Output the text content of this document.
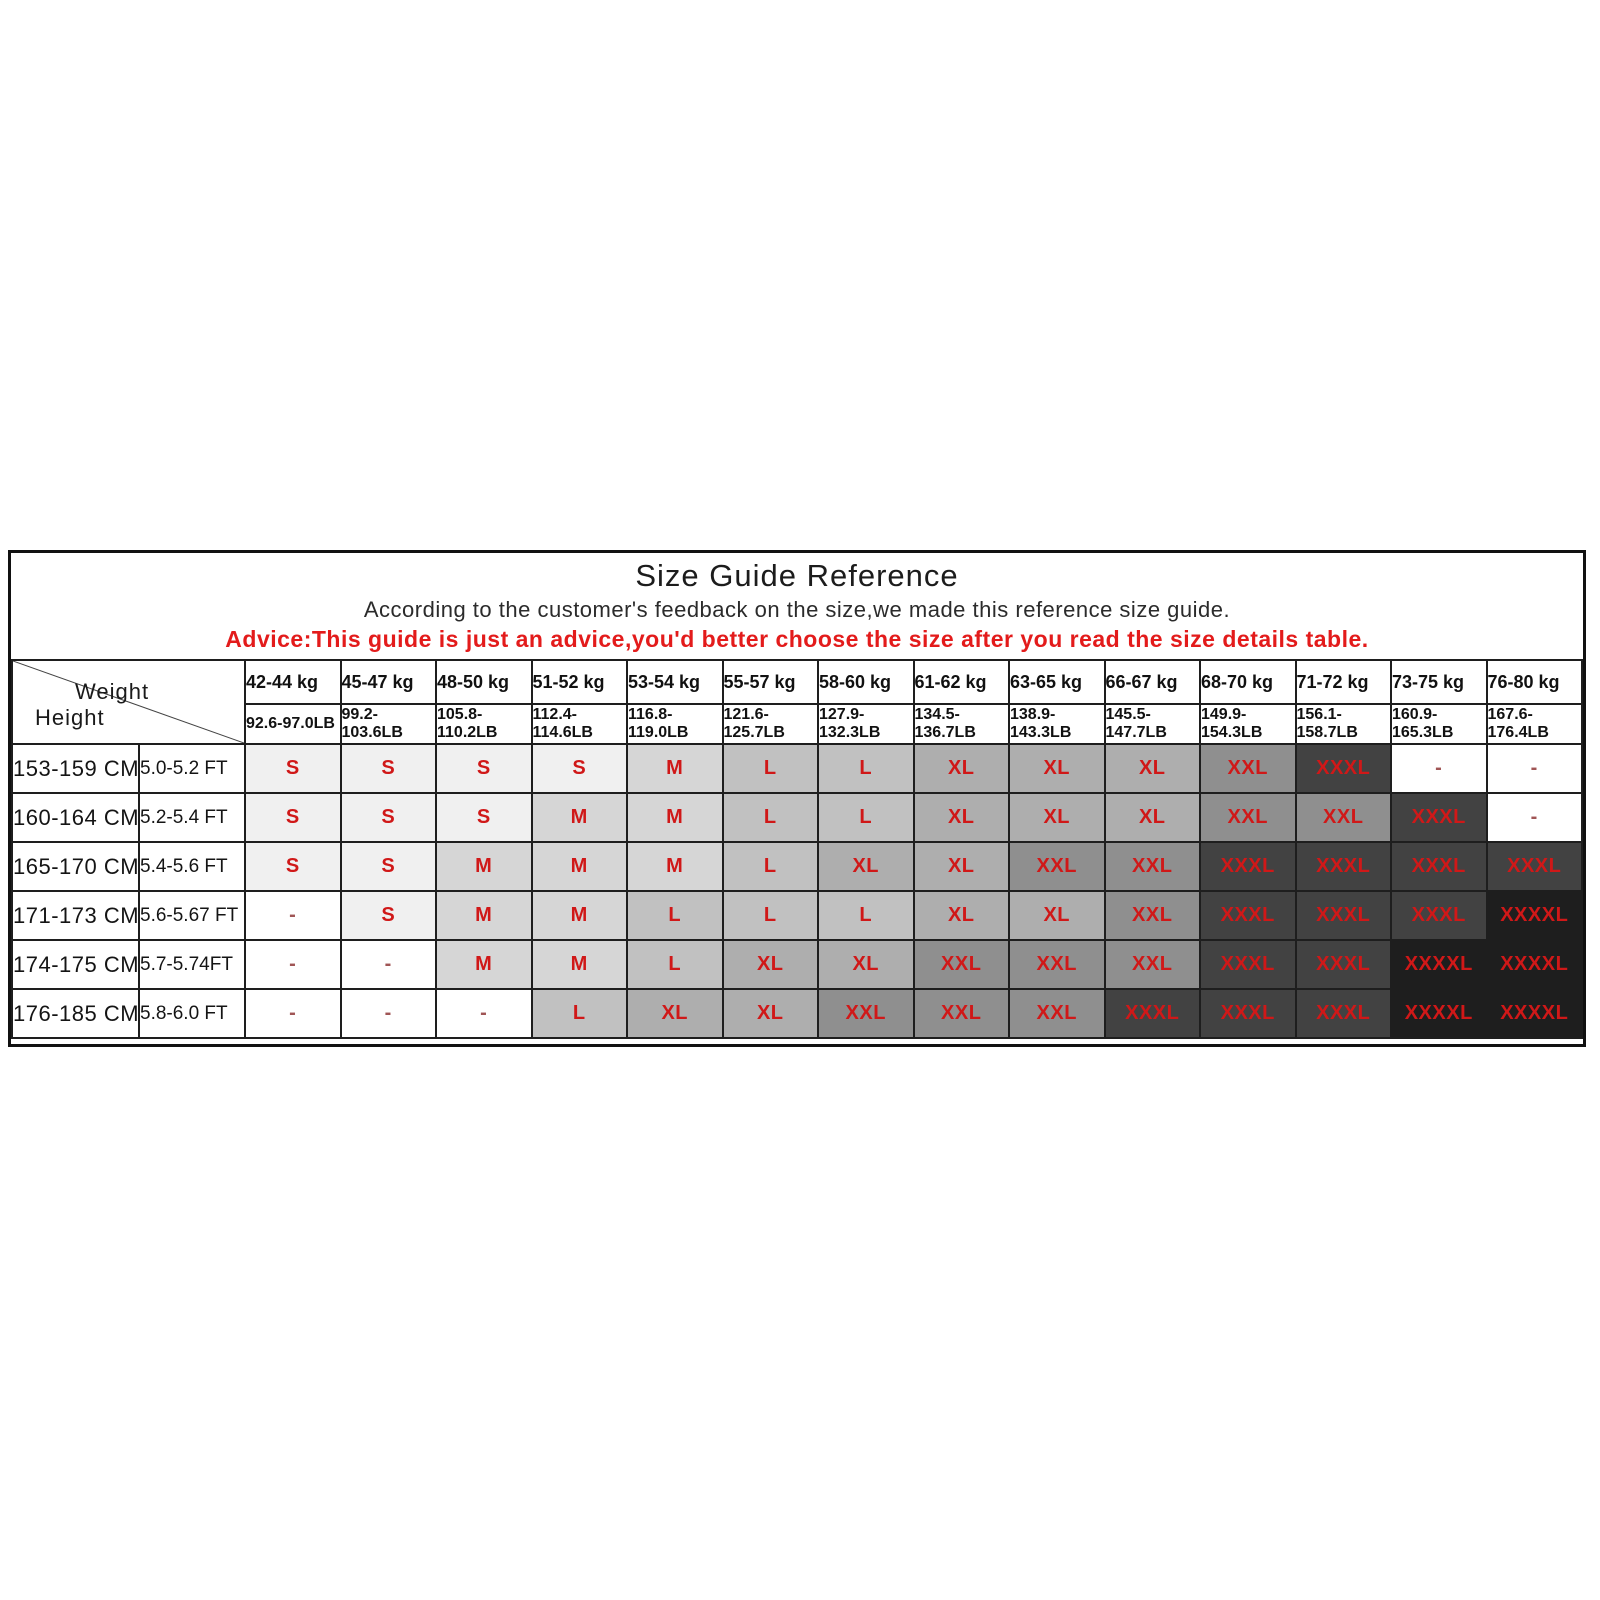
Size Guide Reference
According to the customer's feedback on the size,we made this reference size guide.
Advice:This guide is just an advice,you'd better choose the size after you read the size details table.
Weight
Height		42-44 kg	45-47 kg	48-50 kg	51-52 kg	53-54 kg	55-57 kg	58-60 kg	61-62 kg	63-65 kg	66-67 kg	68-70 kg	71-72 kg	73-75 kg	76-80 kg
		92.6-97.0LB	99.2-103.6LB	105.8-110.2LB	112.4-114.6LB	116.8-119.0LB	121.6-125.7LB	127.9-132.3LB	134.5-136.7LB	138.9-143.3LB	145.5-147.7LB	149.9-154.3LB	156.1-158.7LB	160.9-165.3LB	167.6-176.4LB
153-159 CM	5.0-5.2 FT	S	S	S	S	M	L	L	XL	XL	XL	XXL	XXXL	-	-
160-164 CM	5.2-5.4 FT	S	S	S	M	M	L	L	XL	XL	XL	XXL	XXL	XXXL	-
165-170 CM	5.4-5.6 FT	S	S	M	M	M	L	XL	XL	XXL	XXL	XXXL	XXXL	XXXL	XXXL
171-173 CM	5.6-5.67 FT	-	S	M	M	L	L	L	XL	XL	XXL	XXXL	XXXL	XXXL	XXXXL
174-175 CM	5.7-5.74FT	-	-	M	M	L	XL	XL	XXL	XXL	XXL	XXXL	XXXL	XXXXL	XXXXL
176-185 CM	5.8-6.0 FT	-	-	-	L	XL	XL	XXL	XXL	XXL	XXXL	XXXL	XXXL	XXXXL	XXXXL
